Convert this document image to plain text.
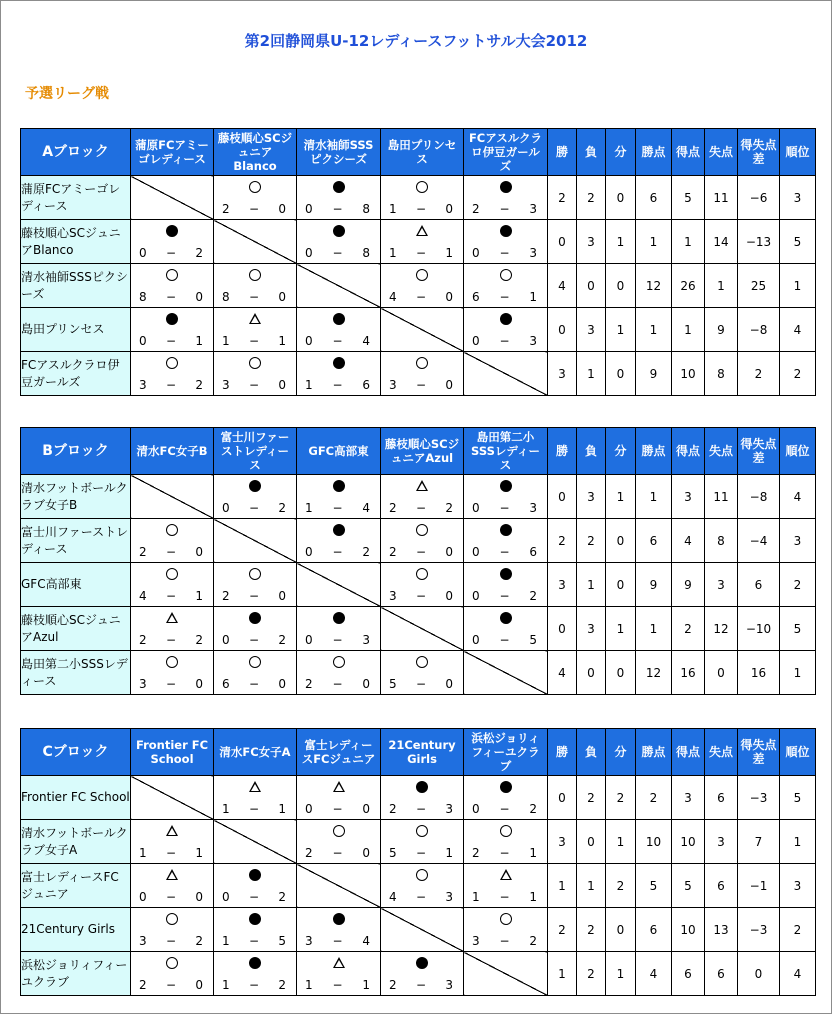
第2回静岡県U-12レディースフットサル大会2012
予選リーグ戦
Aブロック	蒲原FCアミーゴレディース	藤枝順心SCジュニアBlanco	清水袖師SSSピクシーズ	島田プリンセス	FCアスルクラロ伊豆ガールズ	勝	負	分	勝点	得点	失点	得失点差	順位
蒲原FCアミーゴレディース		2 − 0	0 − 8	1 − 0	2 − 3	2	2	0	6	5	11	−6	3
藤枝順心SCジュニアBlanco	0 − 2		0 − 8	1 − 1	0 − 3	0	3	1	1	1	14	−13	5
清水袖師SSSピクシーズ	8 − 0	8 − 0		4 − 0	6 − 1	4	0	0	12	26	1	25	1
島田プリンセス	0 − 1	1 − 1	0 − 4		0 − 3	0	3	1	1	1	9	−8	4
FCアスルクラロ伊豆ガールズ	3 − 2	3 − 0	1 − 6	3 − 0		3	1	0	9	10	8	2	2
Bブロック	清水FC女子B	富士川ファーストレディース	GFC高部東	藤枝順心SCジュニアAzul	島田第二小SSSレディース	勝	負	分	勝点	得点	失点	得失点差	順位
清水フットボールクラブ女子B		0 − 2	1 − 4	2 − 2	0 − 3	0	3	1	1	3	11	−8	4
富士川ファーストレディース	2 − 0		0 − 2	2 − 0	0 − 6	2	2	0	6	4	8	−4	3
GFC高部東	4 − 1	2 − 0		3 − 0	0 − 2	3	1	0	9	9	3	6	2
藤枝順心SCジュニアAzul	2 − 2	0 − 2	0 − 3		0 − 5	0	3	1	1	2	12	−10	5
島田第二小SSSレディース	3 − 0	6 − 0	2 − 0	5 − 0		4	0	0	12	16	0	16	1
Cブロック	Frontier FC School	清水FC女子A	富士レディースFCジュニア	21Century Girls	浜松ジョリィフィーユクラブ	勝	負	分	勝点	得点	失点	得失点差	順位
Frontier FC School		1 − 1	0 − 0	2 − 3	0 − 2	0	2	2	2	3	6	−3	5
清水フットボールクラブ女子A	1 − 1		2 − 0	5 − 1	2 − 1	3	0	1	10	10	3	7	1
富士レディースFCジュニア	0 − 0	0 − 2		4 − 3	1 − 1	1	1	2	5	5	6	−1	3
21Century Girls	3 − 2	1 − 5	3 − 4		3 − 2	2	2	0	6	10	13	−3	2
浜松ジョリィフィーユクラブ	2 − 0	1 − 2	1 − 1	2 − 3		1	2	1	4	6	6	0	4
